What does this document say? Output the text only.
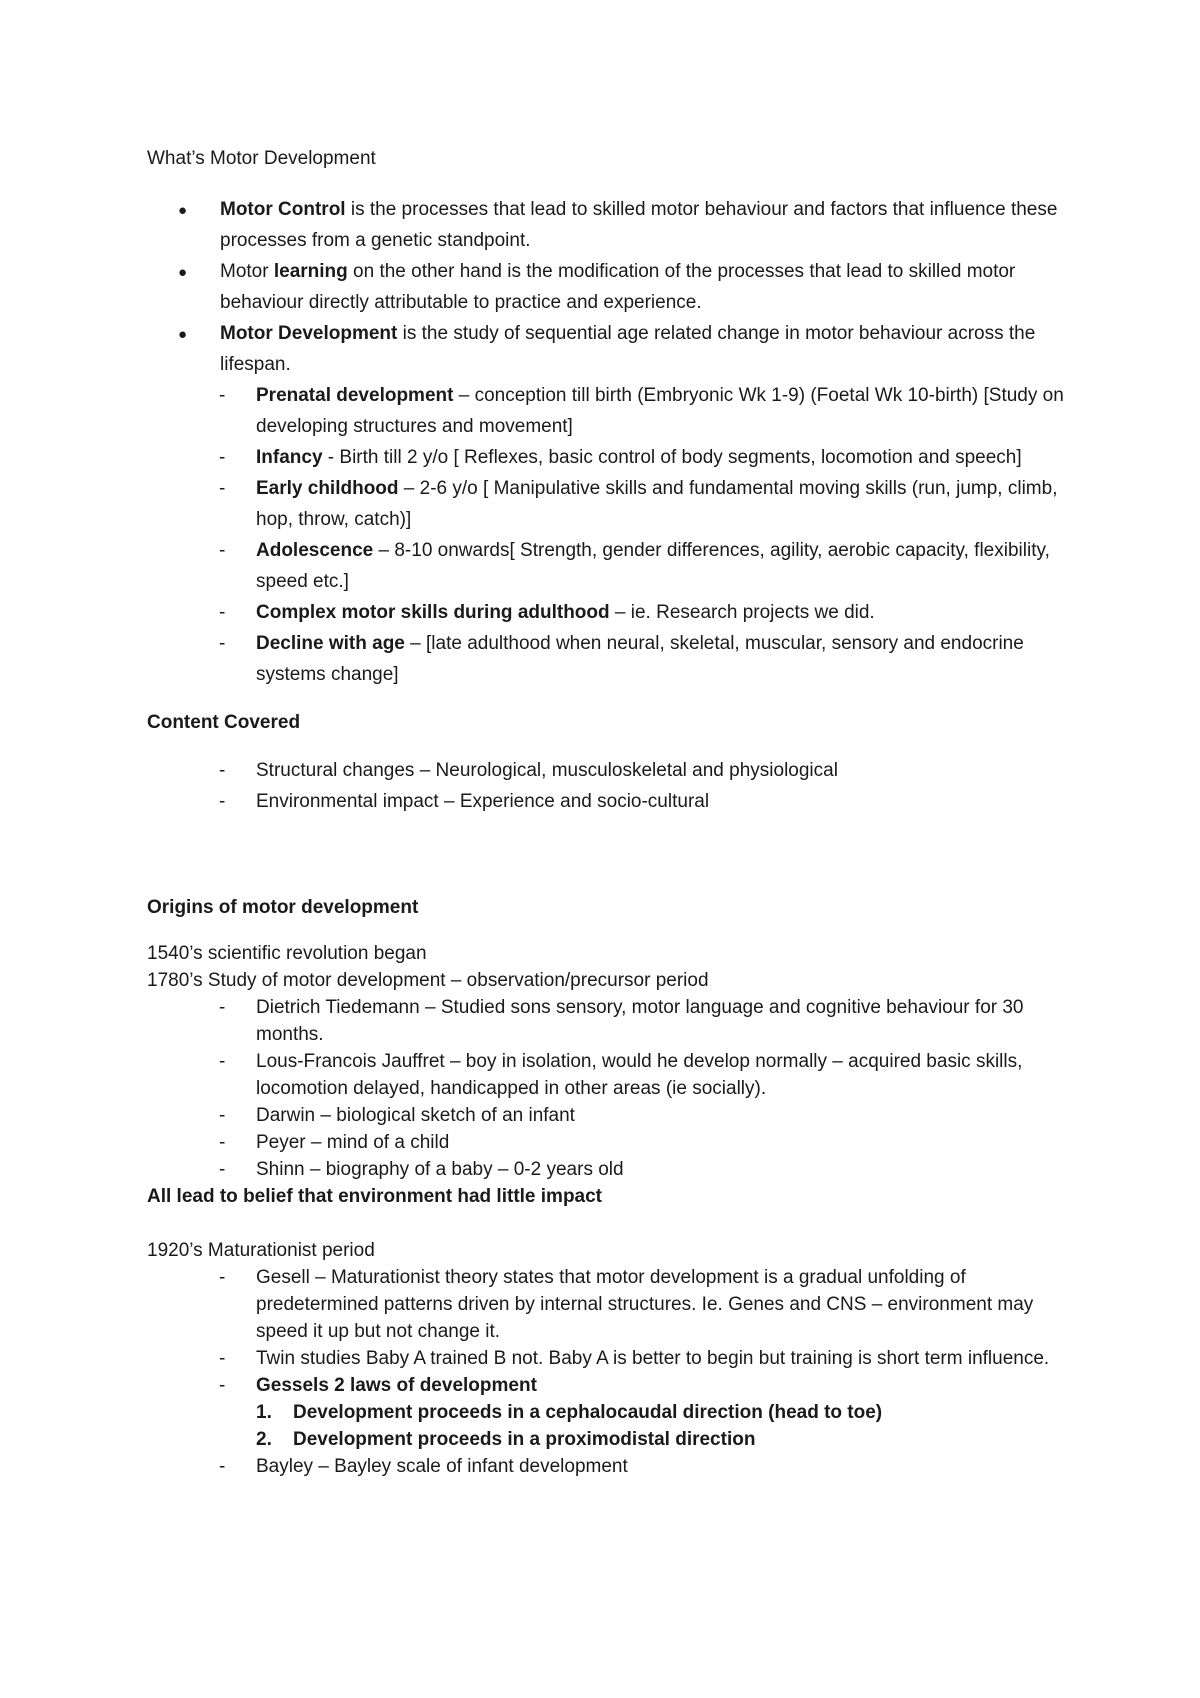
What’s Motor Development

● Motor Control is the processes that lead to skilled motor behaviour and factors that influence these processes from a genetic standpoint.
● Motor learning on the other hand is the modification of the processes that lead to skilled motor behaviour directly attributable to practice and experience.
● Motor Development is the study of sequential age related change in motor behaviour across the lifespan.
- Prenatal development – conception till birth (Embryonic Wk 1-9) (Foetal Wk 10-birth) [Study on developing structures and movement]
- Infancy - Birth till 2 y/o [ Reflexes, basic control of body segments, locomotion and speech]
- Early childhood – 2-6 y/o [ Manipulative skills and fundamental moving skills (run, jump, climb, hop, throw, catch)]
- Adolescence – 8-10 onwards[ Strength, gender differences, agility, aerobic capacity, flexibility, speed etc.]
- Complex motor skills during adulthood – ie. Research projects we did.
- Decline with age – [late adulthood when neural, skeletal, muscular, sensory and endocrine systems change]

Content Covered

- Structural changes – Neurological, musculoskeletal and physiological
- Environmental impact – Experience and socio-cultural

Origins of motor development

1540’s scientific revolution began

1780’s Study of motor development – observation/precursor period

- Dietrich Tiedemann – Studied sons sensory, motor language and cognitive behaviour for 30 months.
- Lous-Francois Jauffret – boy in isolation, would he develop normally – acquired basic skills, locomotion delayed, handicapped in other areas (ie socially).
- Darwin – biological sketch of an infant
- Peyer – mind of a child
- Shinn – biography of a baby – 0-2 years old

All lead to belief that environment had little impact

1920’s Maturationist period

- Gesell – Maturationist theory states that motor development is a gradual unfolding of predetermined patterns driven by internal structures. Ie. Genes and CNS – environment may speed it up but not change it.
- Twin studies Baby A trained B not. Baby A is better to begin but training is short term influence.
- Gessels 2 laws of development
1. Development proceeds in a cephalocaudal direction (head to toe)
2. Development proceeds in a proximodistal direction
- Bayley – Bayley scale of infant development
